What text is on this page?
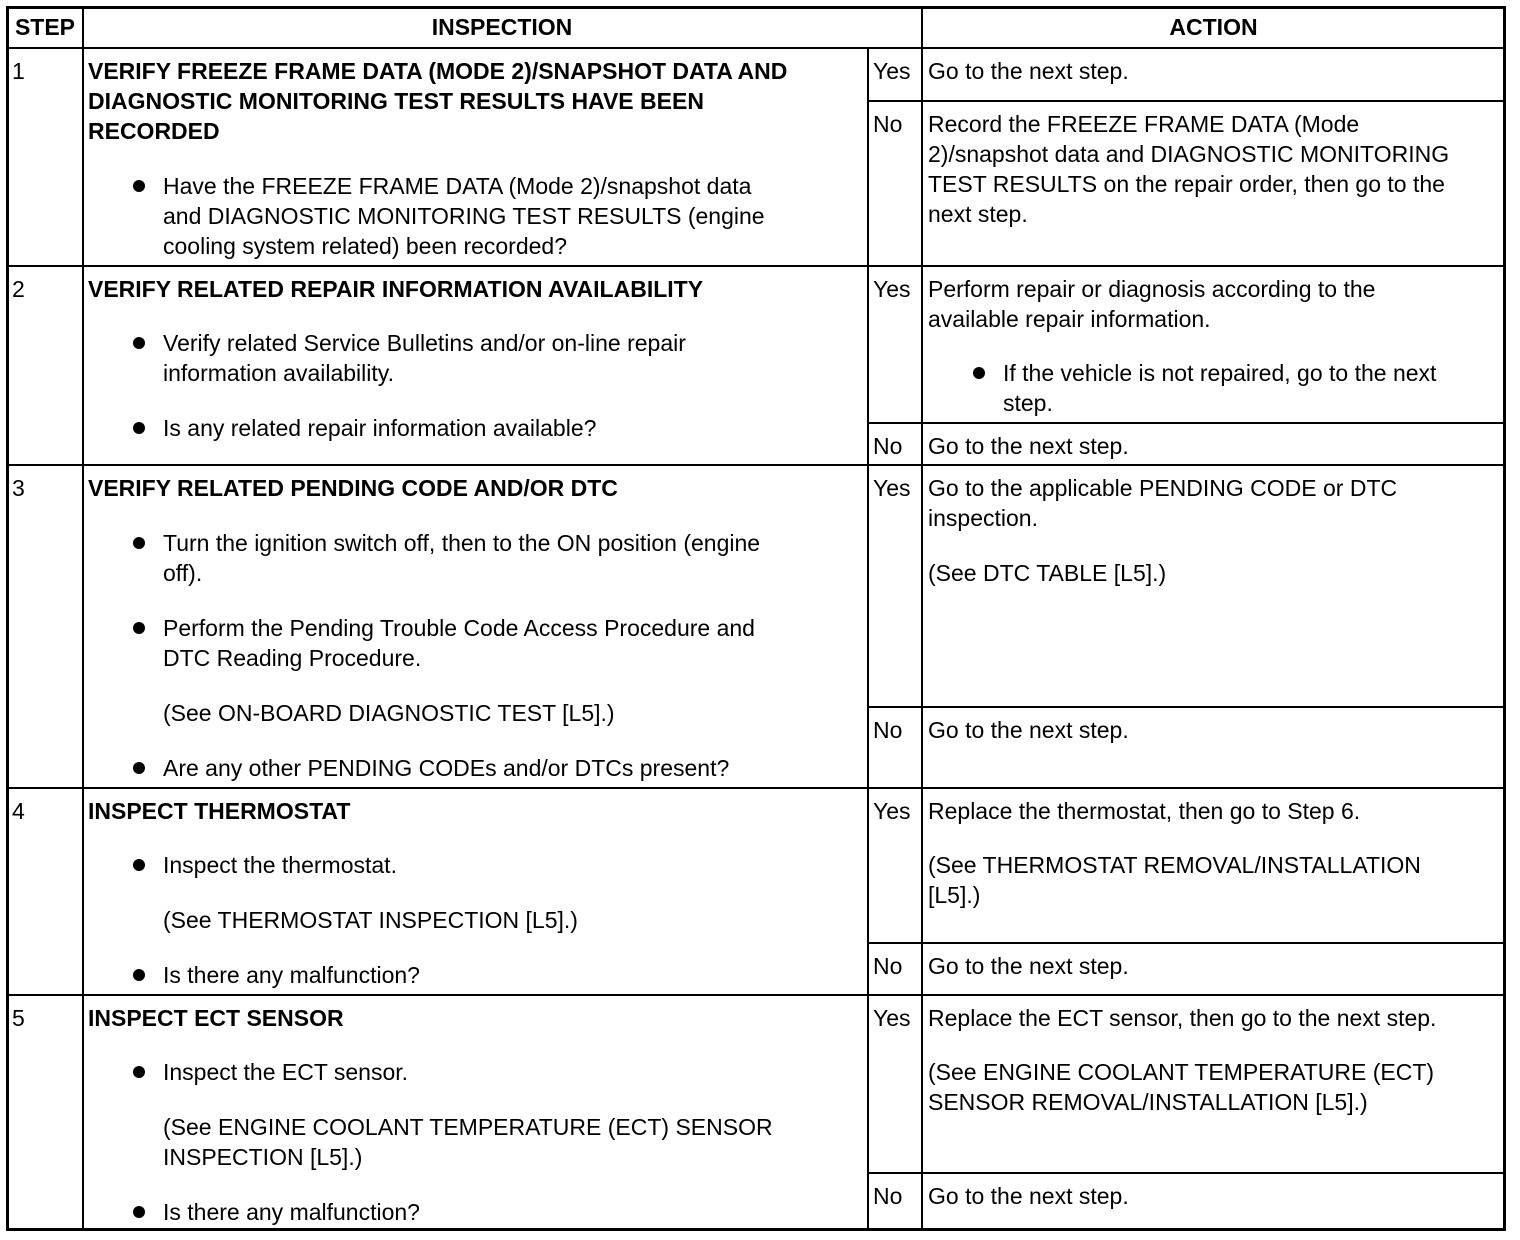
STEP	INSPECTION	ACTION
1	VERIFY FREEZE FRAME DATA (MODE 2)/SNAPSHOT DATA AND
DIAGNOSTIC MONITORING TEST RESULTS HAVE BEEN
RECORDED
Have the FREEZE FRAME DATA (Mode 2)/snapshot data
and DIAGNOSTIC MONITORING TEST RESULTS (engine
cooling system related) been recorded?
Yes Go to the next step.
No Record the FREEZE FRAME DATA (Mode
2)/snapshot data and DIAGNOSTIC MONITORING
TEST RESULTS on the repair order, then go to the
next step.
2	VERIFY RELATED REPAIR INFORMATION AVAILABILITY
Verify related Service Bulletins and/or on-line repair
information availability.
Is any related repair information available?
Yes Perform repair or diagnosis according to the
available repair information.
If the vehicle is not repaired, go to the next
step.
No Go to the next step.
3	VERIFY RELATED PENDING CODE AND/OR DTC
Turn the ignition switch off, then to the ON position (engine
off).
Perform the Pending Trouble Code Access Procedure and
DTC Reading Procedure.
(See ON-BOARD DIAGNOSTIC TEST [L5].)
Are any other PENDING CODEs and/or DTCs present?
Yes Go to the applicable PENDING CODE or DTC
inspection.
(See DTC TABLE [L5].)
No Go to the next step.
4	INSPECT THERMOSTAT
Inspect the thermostat.
(See THERMOSTAT INSPECTION [L5].)
Is there any malfunction?
Yes Replace the thermostat, then go to Step 6.
(See THERMOSTAT REMOVAL/INSTALLATION
[L5].)
No Go to the next step.
5	INSPECT ECT SENSOR
Inspect the ECT sensor.
(See ENGINE COOLANT TEMPERATURE (ECT) SENSOR
INSPECTION [L5].)
Is there any malfunction?
Yes Replace the ECT sensor, then go to the next step.
(See ENGINE COOLANT TEMPERATURE (ECT)
SENSOR REMOVAL/INSTALLATION [L5].)
No Go to the next step.
